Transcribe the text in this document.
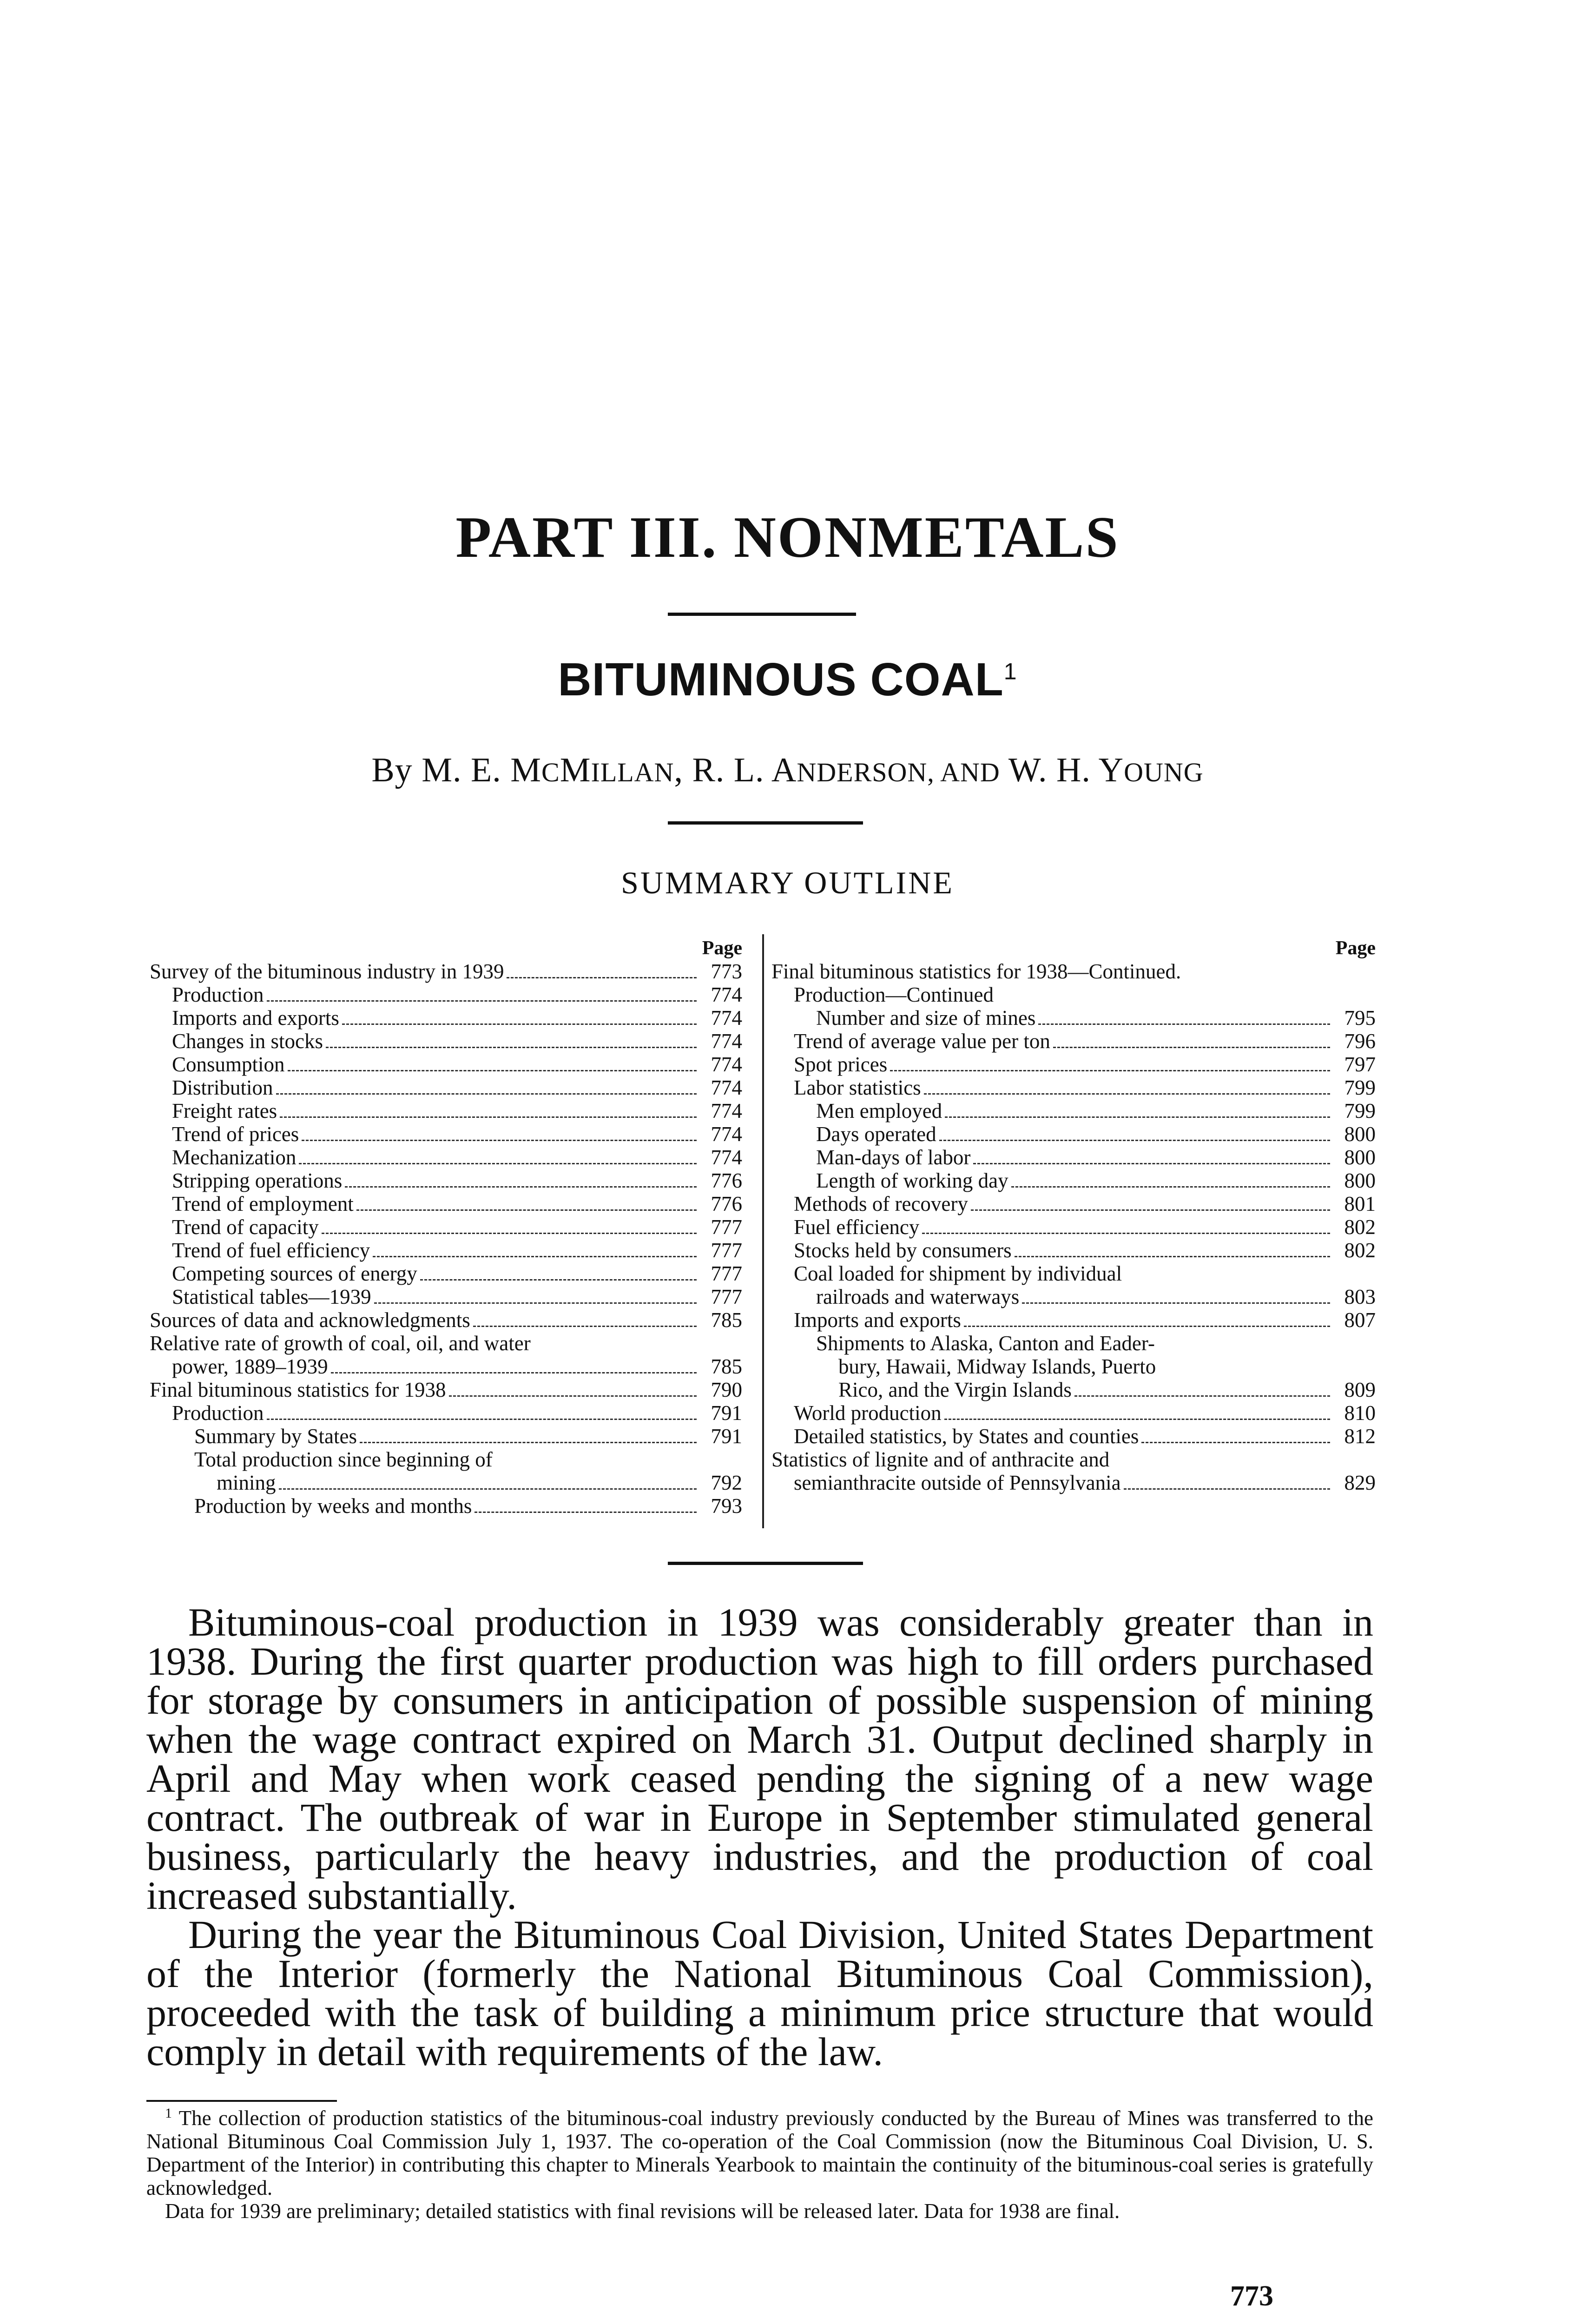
PART III. NONMETALS
BITUMINOUS COAL$^1$
By M. E. MCMILLAN, R. L. ANDERSON, AND W. H. YOUNG
SUMMARY OUTLINE
Page
Survey of the bituminous industry in 1939	773
Production	774
Imports and exports	774
Changes in stocks	774
Consumption	774
Distribution	774
Freight rates	774
Trend of prices	774
Mechanization	774
Stripping operations	776
Trend of employment	776
Trend of capacity	777
Trend of fuel efficiency	777
Competing sources of energy	777
Statistical tables—1939	777
Sources of data and acknowledgments	785
Relative rate of growth of coal, oil, and water
power, 1889–1939	785
Final bituminous statistics for 1938	790
Production	791
Summary by States	791
Total production since beginning of
mining	792
Production by weeks and months	793
Page
Final bituminous statistics for 1938—Continued.
Production—Continued
Number and size of mines	795
Trend of average value per ton	796
Spot prices	797
Labor statistics	799
Men employed	799
Days operated	800
Man-days of labor	800
Length of working day	800
Methods of recovery	801
Fuel efficiency	802
Stocks held by consumers	802
Coal loaded for shipment by individual
railroads and waterways	803
Imports and exports	807
Shipments to Alaska, Canton and Eader-
bury, Hawaii, Midway Islands, Puerto
Rico, and the Virgin Islands	809
World production	810
Detailed statistics, by States and counties	812
Statistics of lignite and of anthracite and
semianthracite outside of Pennsylvania	829

Bituminous-coal production in 1939 was considerably greater than in 1938. During the first quarter production was high to fill orders purchased for storage by consumers in anticipation of possible suspension of mining when the wage contract expired on March 31. Output declined sharply in April and May when work ceased pending the signing of a new wage contract. The outbreak of war in Europe in September stimulated general business, particularly the heavy industries, and the production of coal increased substantially.

During the year the Bituminous Coal Division, United States Department of the Interior (formerly the National Bituminous Coal Commission), proceeded with the task of building a minimum price structure that would comply in detail with requirements of the law.

$^1$ The collection of production statistics of the bituminous-coal industry previously conducted by the Bureau of Mines was transferred to the National Bituminous Coal Commission July 1, 1937. The co-operation of the Coal Commission (now the Bituminous Coal Division, U. S. Department of the Interior) in contributing this chapter to Minerals Yearbook to maintain the continuity of the bituminous-coal series is gratefully acknowledged.

Data for 1939 are preliminary; detailed statistics with final revisions will be released later. Data for 1938 are final.

773
